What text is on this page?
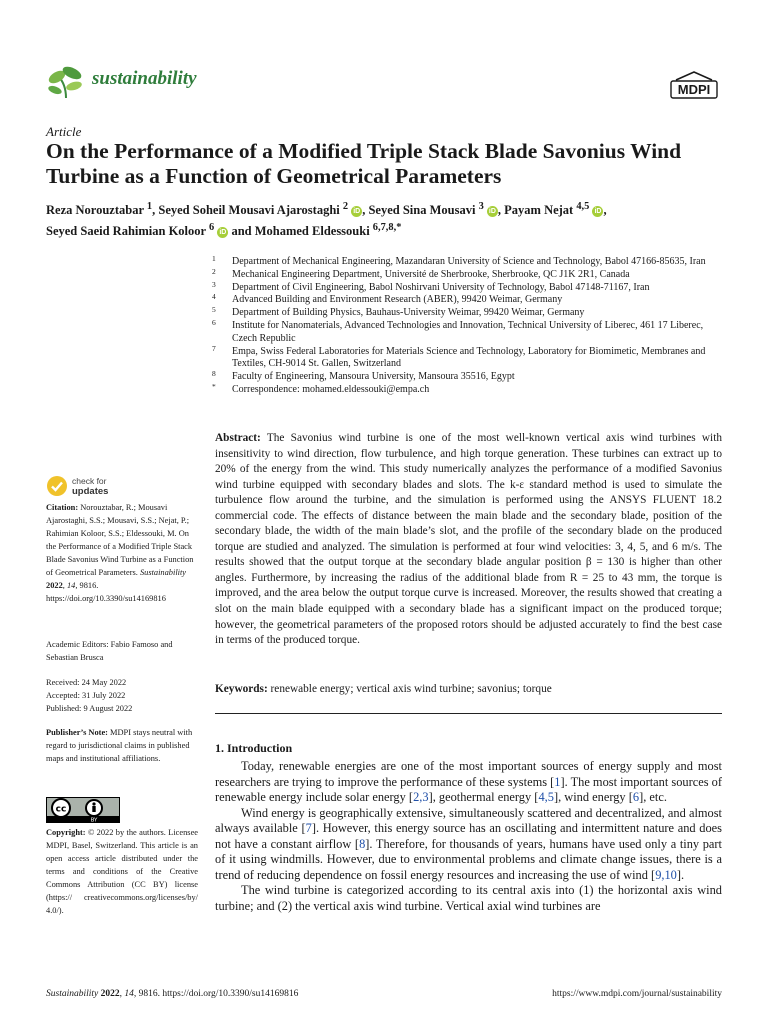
sustainability
MDPI
Article
On the Performance of a Modified Triple Stack Blade Savonius Wind Turbine as a Function of Geometrical Parameters
Reza Norouztabar $^1$, Seyed Soheil Mousavi Ajarostaghi $^2$ iD , Seyed Sina Mousavi $^3$ iD , Payam Nejat $^{4,5}$ iD ,
Seyed Saeid Rahimian Koloor $^6$ iD and Mohamed Eldessouki $^{6,7,8,*}$
1 Department of Mechanical Engineering, Mazandaran University of Science and Technology, Babol 47166-85635, Iran
2 Mechanical Engineering Department, Université de Sherbrooke, Sherbrooke, QC J1K 2R1, Canada
3 Department of Civil Engineering, Babol Noshirvani University of Technology, Babol 47148-71167, Iran
4 Advanced Building and Environment Research (ABER), 99420 Weimar, Germany
5 Department of Building Physics, Bauhaus-University Weimar, 99420 Weimar, Germany
6 Institute for Nanomaterials, Advanced Technologies and Innovation, Technical University of Liberec, 461 17 Liberec, Czech Republic
7 Empa, Swiss Federal Laboratories for Materials Science and Technology, Laboratory for Biomimetic, Membranes and Textiles, CH-9014 St. Gallen, Switzerland
8 Faculty of Engineering, Mansoura University, Mansoura 35516, Egypt
* Correspondence: mohamed.eldessouki@empa.ch
Abstract: The Savonius wind turbine is one of the most well-known vertical axis wind turbines with insensitivity to wind direction, flow turbulence, and high torque generation. These turbines can extract up to 20% of the energy from the wind. This study numerically analyzes the performance of a modified Savonius wind turbine equipped with secondary blades and slots. The k-ε standard method is used to simulate the turbulence flow around the turbine, and the simulation is performed using the ANSYS FLUENT 18.2 commercial code. The effects of distance between the main blade and the secondary blade, position of the secondary blade, the width of the main blade’s slot, and the profile of the secondary blade on the produced torque are studied and analyzed. The simulation is performed at four wind velocities: 3, 4, 5, and 6 m/s. The results showed that the output torque at the secondary blade angular position β = 130 is higher than other angles. Furthermore, by increasing the radius of the additional blade from R = 25 to 43 mm, the torque is improved, and the area below the output torque curve is increased. Moreover, the results showed that creating a slot on the main blade equipped with a secondary blade has a significant impact on the produced torque; however, the geometrical parameters of the proposed rotors should be adjusted accurately to find the best case in terms of the produced torque.
Keywords: renewable energy; vertical axis wind turbine; savonius; torque
1. Introduction

Today, renewable energies are one of the most important sources of energy supply and most researchers are trying to improve the performance of these systems [1]. The most important sources of renewable energy include solar energy [2,3], geothermal energy [4,5], wind energy [6], etc.

Wind energy is geographically extensive, simultaneously scattered and decentralized, and almost always available [7]. However, this energy source has an oscillating and intermittent nature and does not have a constant airflow [8]. Therefore, for thousands of years, humans have used only a tiny part of it using windmills. However, due to environmental problems and climate change issues, there is a trend of reducing dependence on fossil energy resources and increasing the use of wind [9,10].

The wind turbine is categorized according to its central axis into (1) the horizontal axis wind turbine; and (2) the vertical axis wind turbine. Vertical axial wind turbines are

check for
updates
Citation: Norouztabar, R.; Mousavi Ajarostaghi, S.S.; Mousavi, S.S.; Nejat, P.; Rahimian Koloor, S.S.; Eldessouki, M. On the Performance of a Modified Triple Stack Blade Savonius Wind Turbine as a Function of Geometrical Parameters. Sustainability 2022, 14, 9816. https://doi.org/10.3390/su14169816
Academic Editors: Fabio Famoso and Sebastian Brusca
Received: 24 May 2022
Accepted: 31 July 2022
Published: 9 August 2022
Publisher’s Note: MDPI stays neutral with regard to jurisdictional claims in published maps and institutional affiliations.
cc
BY
Copyright: © 2022 by the authors. Licensee MDPI, Basel, Switzerland. This article is an open access article distributed under the terms and conditions of the Creative Commons Attribution (CC BY) license (https:// creativecommons.org/licenses/by/ 4.0/).
Sustainability 2022, 14, 9816. https://doi.org/10.3390/su14169816	https://www.mdpi.com/journal/sustainability
